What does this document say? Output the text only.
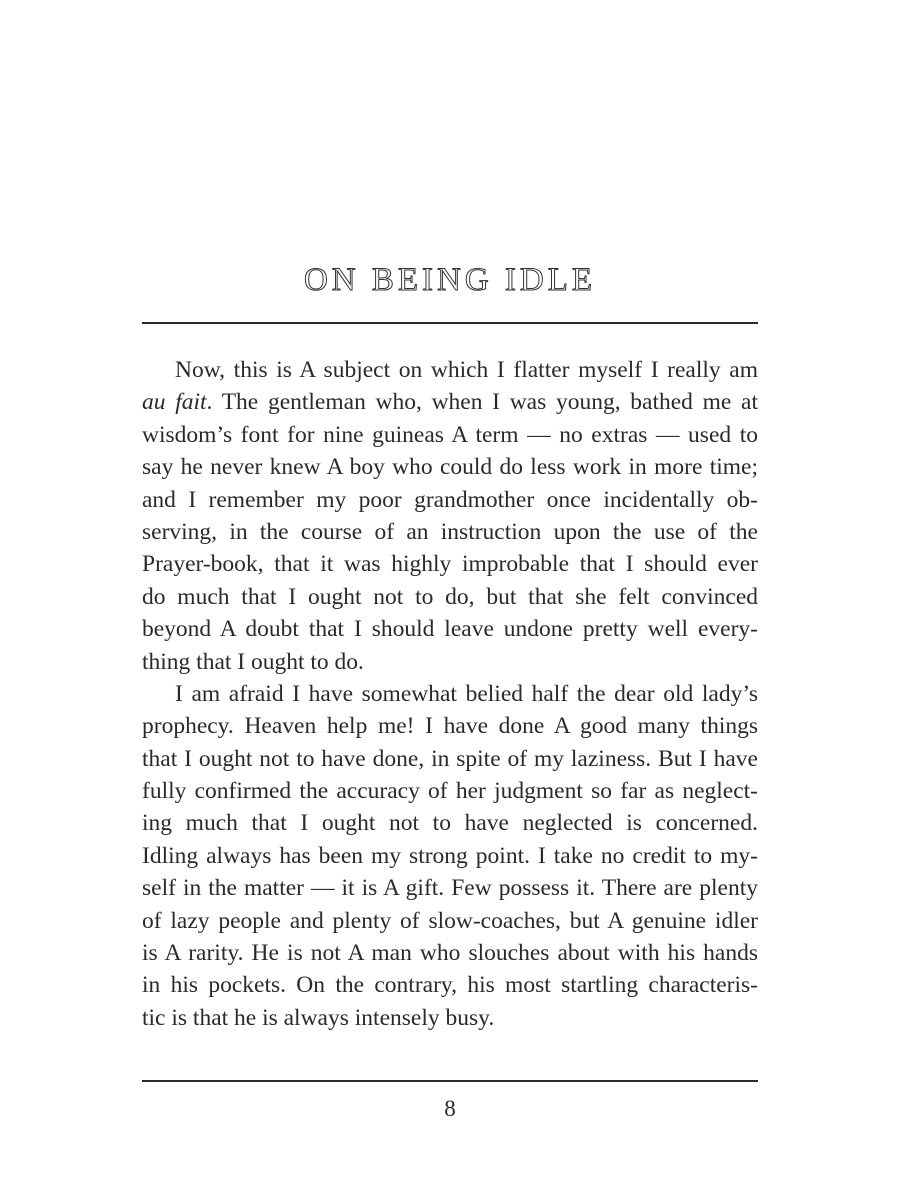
ON BEING IDLE
Now, this is A subject on which I flatter myself I really am
au fait. The gentleman who, when I was young, bathed me at
wisdom’s font for nine guineas A term — no extras — used to
say he never knew A boy who could do less work in more time;
and I remember my poor grandmother once incidentally ob-
serving, in the course of an instruction upon the use of the
Prayer-book, that it was highly improbable that I should ever
do much that I ought not to do, but that she felt convinced
beyond A doubt that I should leave undone pretty well every-
thing that I ought to do.
I am afraid I have somewhat belied half the dear old lady’s
prophecy. Heaven help me! I have done A good many things
that I ought not to have done, in spite of my laziness. But I have
fully confirmed the accuracy of her judgment so far as neglect-
ing much that I ought not to have neglected is concerned.
Idling always has been my strong point. I take no credit to my-
self in the matter — it is A gift. Few possess it. There are plenty
of lazy people and plenty of slow-coaches, but A genuine idler
is A rarity. He is not A man who slouches about with his hands
in his pockets. On the contrary, his most startling characteris-
tic is that he is always intensely busy.
8
